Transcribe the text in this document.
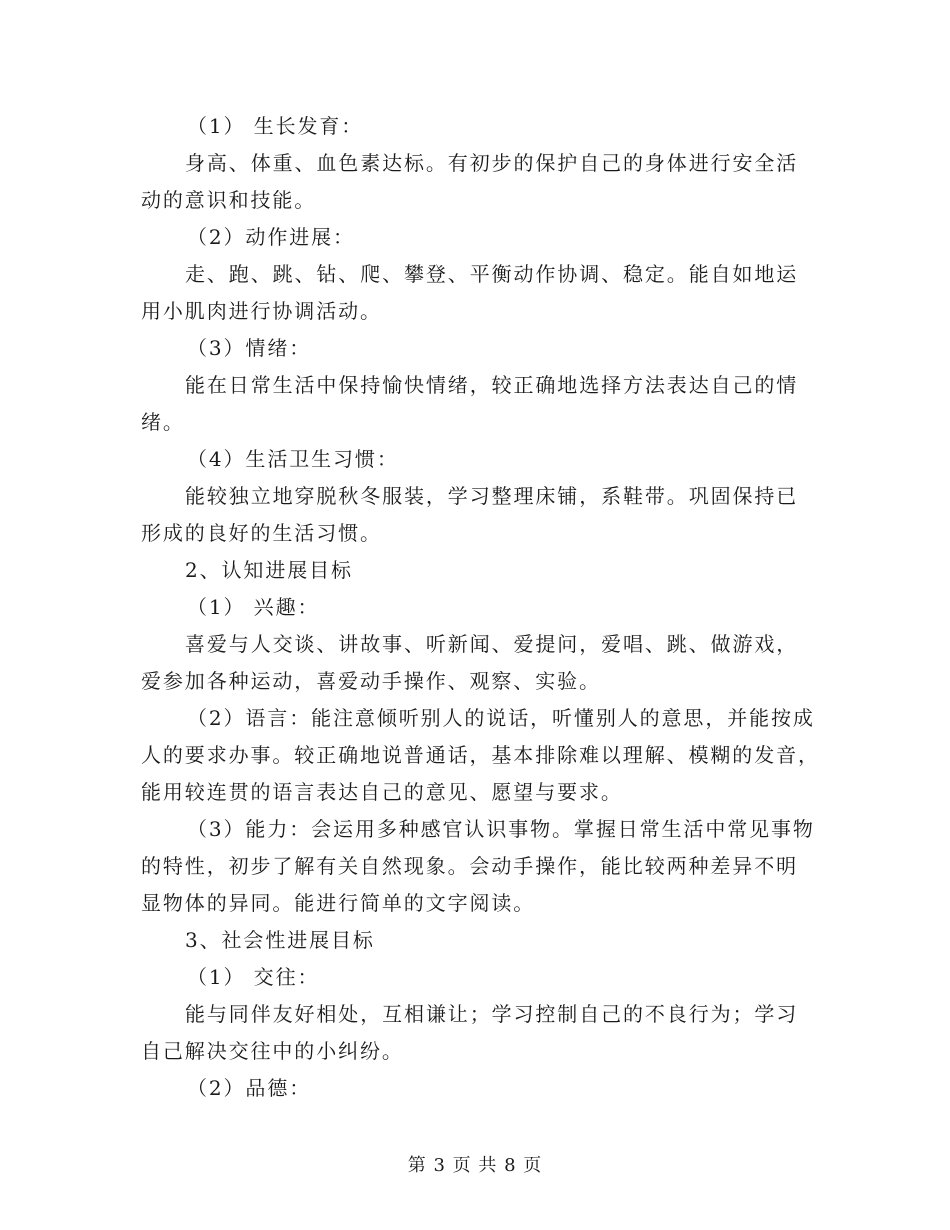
（1） 生长发育：
身高、体重、血色素达标。有初步的保护自己的身体进行安全活
动的意识和技能。
（2）动作进展：
走、跑、跳、钻、爬、攀登、平衡动作协调、稳定。能自如地运
用小肌肉进行协调活动。
（3）情绪：
能在日常生活中保持愉快情绪，较正确地选择方法表达自己的情
绪。
（4）生活卫生习惯：
能较独立地穿脱秋冬服装，学习整理床铺，系鞋带。巩固保持已
形成的良好的生活习惯。
2、认知进展目标
（1） 兴趣：
喜爱与人交谈、讲故事、听新闻、爱提问，爱唱、跳、做游戏，
爱参加各种运动，喜爱动手操作、观察、实验。
（2）语言：能注意倾听别人的说话，听懂别人的意思，并能按成
人的要求办事。较正确地说普通话，基本排除难以理解、模糊的发音，
能用较连贯的语言表达自己的意见、愿望与要求。
（3）能力：会运用多种感官认识事物。掌握日常生活中常见事物
的特性，初步了解有关自然现象。会动手操作，能比较两种差异不明
显物体的异同。能进行简单的文字阅读。
3、社会性进展目标
（1） 交往：
能与同伴友好相处，互相谦让；学习控制自己的不良行为；学习
自己解决交往中的小纠纷。
（2）品德：
第 3 页 共 8 页
